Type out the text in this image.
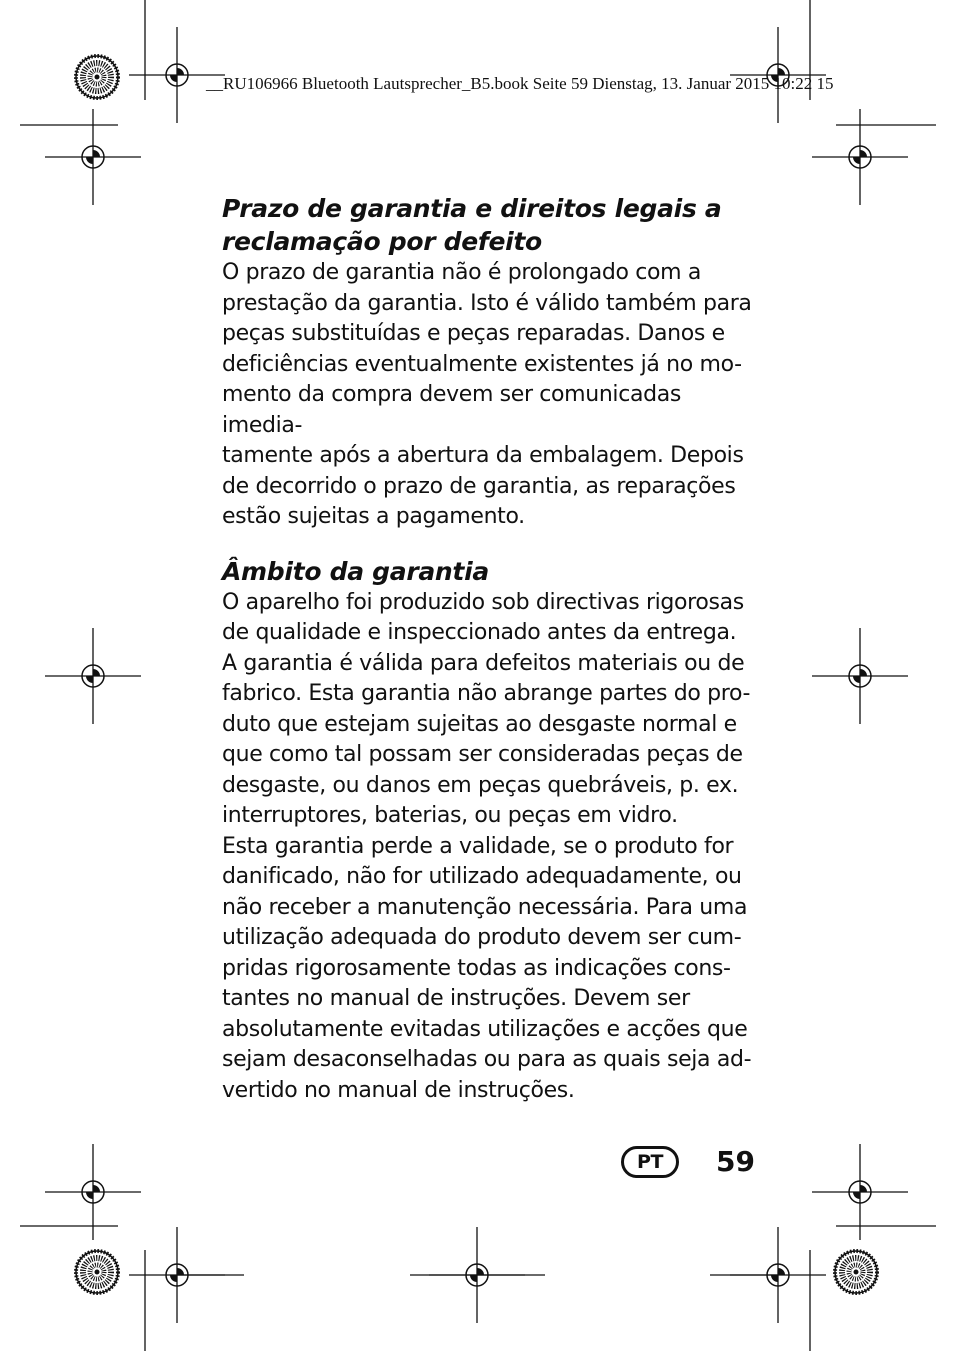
__RU106966 Bluetooth Lautsprecher_B5.book Seite 59 Dienstag, 13. Januar 2015 10:22 15
Prazo de garantia e direitos legais a reclamação por defeito

O prazo de garantia não é prolongado com a
prestação da garantia. Isto é válido também para
peças substituídas e peças reparadas. Danos e
deficiências eventualmente existentes já no mo-
mento da compra devem ser comunicadas imedia-
tamente após a abertura da embalagem. Depois
de decorrido o prazo de garantia, as reparações
estão sujeitas a pagamento.

Âmbito da garantia

O aparelho foi produzido sob directivas rigorosas
de qualidade e inspeccionado antes da entrega.
A garantia é válida para defeitos materiais ou de
fabrico. Esta garantia não abrange partes do pro-
duto que estejam sujeitas ao desgaste normal e
que como tal possam ser consideradas peças de
desgaste, ou danos em peças quebráveis, p. ex.
interruptores, baterias, ou peças em vidro.

Esta garantia perde a validade, se o produto for
danificado, não for utilizado adequadamente, ou
não receber a manutenção necessária. Para uma
utilização adequada do produto devem ser cum-
pridas rigorosamente todas as indicações cons-
tantes no manual de instruções. Devem ser
absolutamente evitadas utilizações e acções que
sejam desaconselhadas ou para as quais seja ad-
vertido no manual de instruções.

PT	59
